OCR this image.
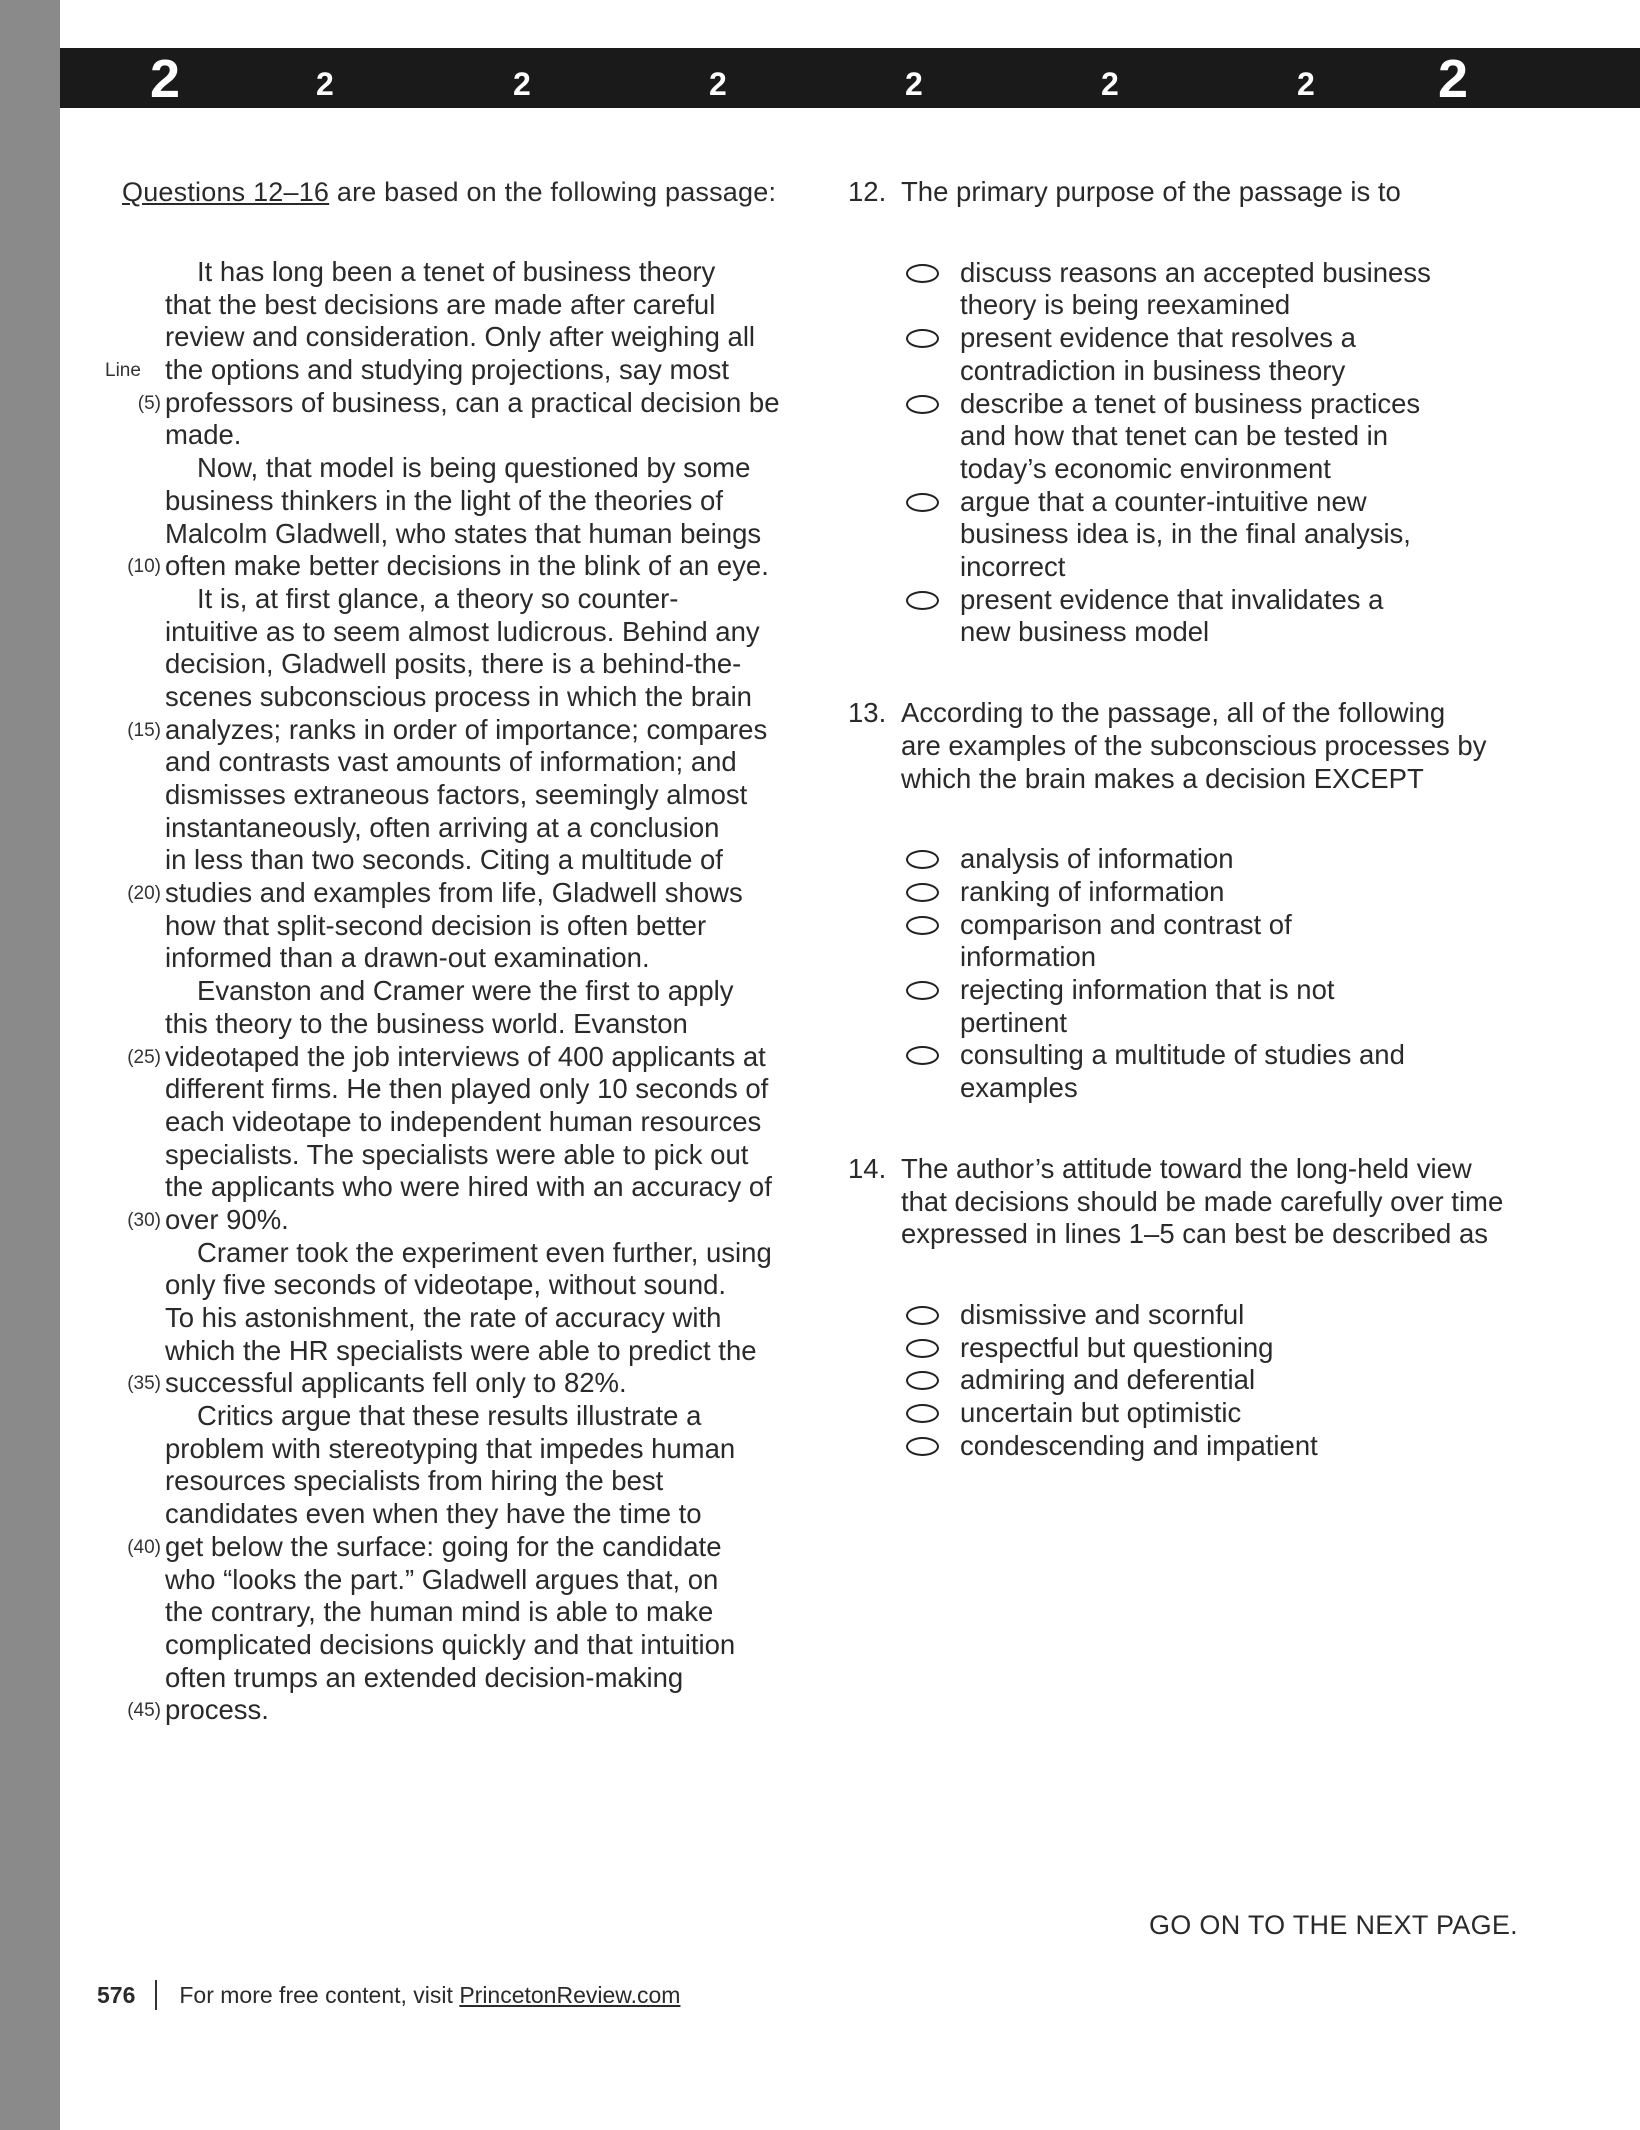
2	2	2	2	2	2	2 2
Questions 12–16 are based on the following passage:
It has long been a tenet of business theory
that the best decisions are made after careful
review and consideration. Only after weighing all
Line the options and studying projections, say most
(5) professors of business, can a practical decision be
made.
Now, that model is being questioned by some
business thinkers in the light of the theories of
Malcolm Gladwell, who states that human beings
(10) often make better decisions in the blink of an eye.
It is, at first glance, a theory so counter-
intuitive as to seem almost ludicrous. Behind any
decision, Gladwell posits, there is a behind-the-
scenes subconscious process in which the brain
(15) analyzes; ranks in order of importance; compares
and contrasts vast amounts of information; and
dismisses extraneous factors, seemingly almost
instantaneously, often arriving at a conclusion
in less than two seconds. Citing a multitude of
(20) studies and examples from life, Gladwell shows
how that split-second decision is often better
informed than a drawn-out examination.
Evanston and Cramer were the first to apply
this theory to the business world. Evanston
(25) videotaped the job interviews of 400 applicants at
different firms. He then played only 10 seconds of
each videotape to independent human resources
specialists. The specialists were able to pick out
the applicants who were hired with an accuracy of
(30) over 90%.
Cramer took the experiment even further, using
only five seconds of videotape, without sound.
To his astonishment, the rate of accuracy with
which the HR specialists were able to predict the
(35) successful applicants fell only to 82%.
Critics argue that these results illustrate a
problem with stereotyping that impedes human
resources specialists from hiring the best
candidates even when they have the time to
(40) get below the surface: going for the candidate
who “looks the part.” Gladwell argues that, on
the contrary, the human mind is able to make
complicated decisions quickly and that intuition
often trumps an extended decision-making
(45) process.
12. The primary purpose of the passage is to
discuss reasons an accepted business
theory is being reexamined
present evidence that resolves a
contradiction in business theory
describe a tenet of business practices
and how that tenet can be tested in
today’s economic environment
argue that a counter-intuitive new
business idea is, in the final analysis,
incorrect
present evidence that invalidates a
new business model
13. According to the passage, all of the following
are examples of the subconscious processes by
which the brain makes a decision EXCEPT
analysis of information
ranking of information
comparison and contrast of
information
rejecting information that is not
pertinent
consulting a multitude of studies and
examples
14. The author’s attitude toward the long-held view
that decisions should be made carefully over time
expressed in lines 1–5 can best be described as
dismissive and scornful
respectful but questioning
admiring and deferential
uncertain but optimistic
condescending and impatient
GO ON TO THE NEXT PAGE.
576 For more free content, visit
PrincetonReview.com
